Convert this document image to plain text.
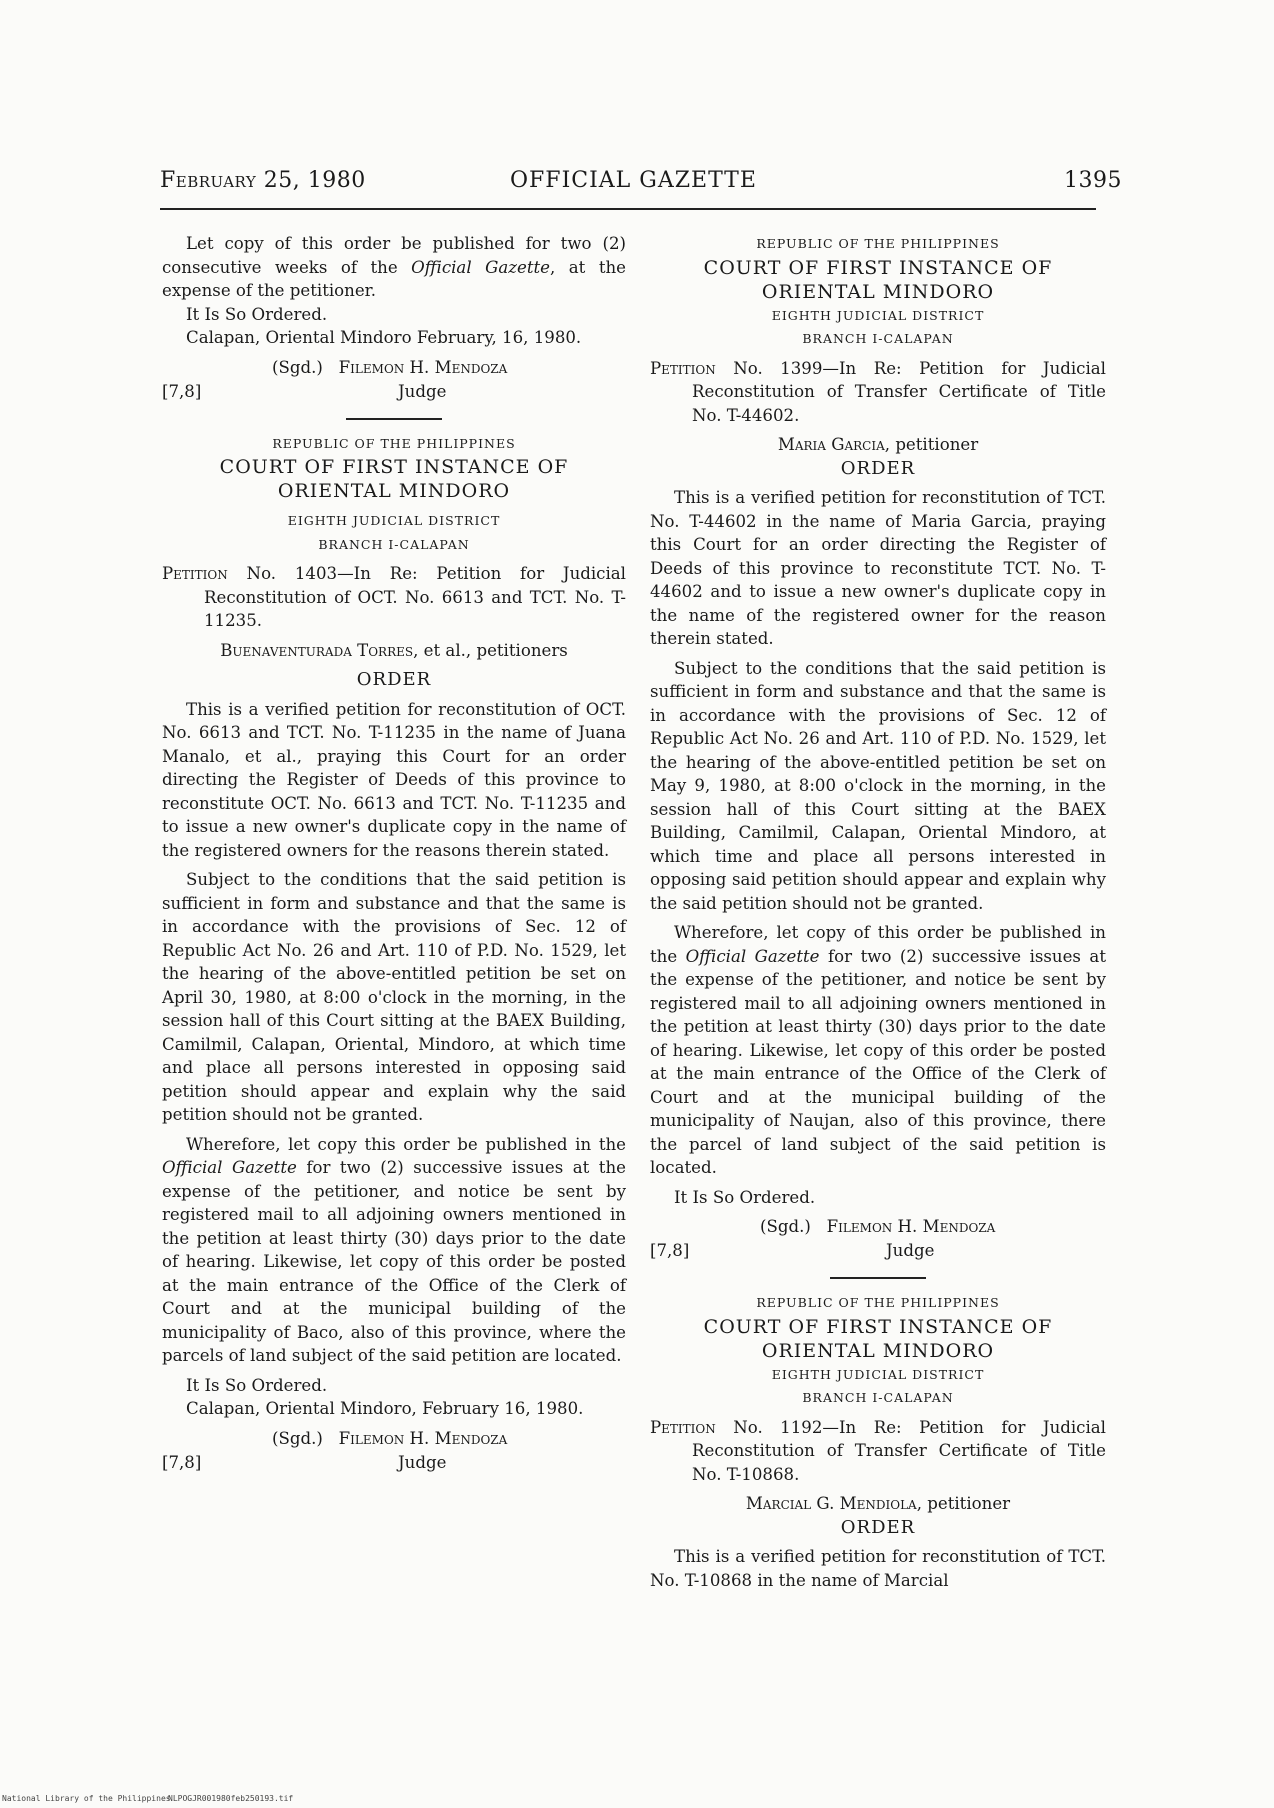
February 25, 1980	OFFICIAL GAZETTE	1395

Let copy of this order be published for two (2) consecutive weeks of the Official Gazette, at the expense of the petitioner.

It Is So Ordered.

Calapan, Oriental Mindoro February, 16, 1980.

(Sgd.) Filemon H. Mendoza
[7,8]	Judge
REPUBLIC OF THE PHILIPPINES
COURT OF FIRST INSTANCE OF ORIENTAL MINDORO
EIGHTH JUDICIAL DISTRICT
BRANCH I-CALAPAN

Petition No. 1403—In Re: Petition for Judicial Reconstitution of OCT. No. 6613 and TCT. No. T-11235.

Buenaventurada Torres, et al., petitioners

ORDER

This is a verified petition for reconstitution of OCT. No. 6613 and TCT. No. T-11235 in the name of Juana Manalo, et al., praying this Court for an order directing the Register of Deeds of this province to reconstitute OCT. No. 6613 and TCT. No. T-11235 and to issue a new owner's duplicate copy in the name of the registered owners for the reasons therein stated.

Subject to the conditions that the said petition is sufficient in form and substance and that the same is in accordance with the provisions of Sec. 12 of Republic Act No. 26 and Art. 110 of P.D. No. 1529, let the hearing of the above-entitled petition be set on April 30, 1980, at 8:00 o'clock in the morning, in the session hall of this Court sitting at the BAEX Building, Camilmil, Calapan, Oriental, Mindoro, at which time and place all persons interested in opposing said petition should appear and explain why the said petition should not be granted.

Wherefore, let copy this order be published in the Official Gazette for two (2) successive issues at the expense of the petitioner, and notice be sent by registered mail to all adjoining owners mentioned in the petition at least thirty (30) days prior to the date of hearing. Likewise, let copy of this order be posted at the main entrance of the Office of the Clerk of Court and at the municipal building of the municipality of Baco, also of this province, where the parcels of land subject of the said petition are located.

It Is So Ordered.

Calapan, Oriental Mindoro, February 16, 1980.

(Sgd.) Filemon H. Mendoza
[7,8]	Judge
REPUBLIC OF THE PHILIPPINES
COURT OF FIRST INSTANCE OF ORIENTAL MINDORO
EIGHTH JUDICIAL DISTRICT
BRANCH I-CALAPAN

Petition No. 1399—In Re: Petition for Judicial Reconstitution of Transfer Certificate of Title No. T-44602.

Maria Garcia, petitioner

ORDER

This is a verified petition for reconstitution of TCT. No. T-44602 in the name of Maria Garcia, praying this Court for an order directing the Register of Deeds of this province to reconstitute TCT. No. T-44602 and to issue a new owner's duplicate copy in the name of the registered owner for the reason therein stated.

Subject to the conditions that the said petition is sufficient in form and substance and that the same is in accordance with the provisions of Sec. 12 of Republic Act No. 26 and Art. 110 of P.D. No. 1529, let the hearing of the above-entitled petition be set on May 9, 1980, at 8:00 o'clock in the morning, in the session hall of this Court sitting at the BAEX Building, Camilmil, Calapan, Oriental Mindoro, at which time and place all persons interested in opposing said petition should appear and explain why the said petition should not be granted.

Wherefore, let copy of this order be published in the Official Gazette for two (2) successive issues at the expense of the petitioner, and notice be sent by registered mail to all adjoining owners mentioned in the petition at least thirty (30) days prior to the date of hearing. Likewise, let copy of this order be posted at the main entrance of the Office of the Clerk of Court and at the municipal building of the municipality of Naujan, also of this province, there the parcel of land subject of the said petition is located.

It Is So Ordered.

(Sgd.) Filemon H. Mendoza
[7,8]	Judge
REPUBLIC OF THE PHILIPPINES
COURT OF FIRST INSTANCE OF ORIENTAL MINDORO
EIGHTH JUDICIAL DISTRICT
BRANCH I-CALAPAN

Petition No. 1192—In Re: Petition for Judicial Reconstitution of Transfer Certificate of Title No. T-10868.

Marcial G. Mendiola, petitioner

ORDER

This is a verified petition for reconstitution of TCT. No. T-10868 in the name of Marcial

National Library of the Philippines
NLPOGJR001980feb250193.tif
